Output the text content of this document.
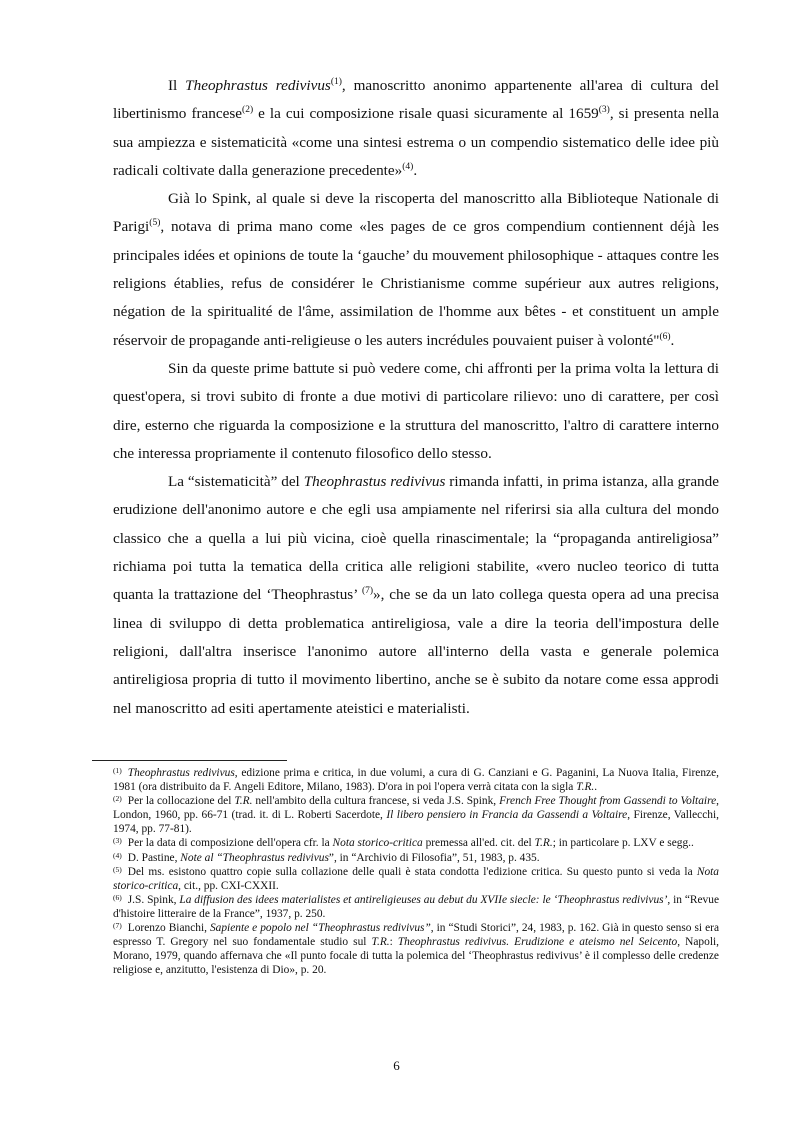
Il Theophrastus redivivus$^{(1)}$, manoscritto anonimo appartenente all'area di cultura del libertinismo francese$^{(2)}$ e la cui composizione risale quasi sicuramente al 1659$^{(3)}$, si presenta nella sua ampiezza e sistematicità «come una sintesi estrema o un compendio sistematico delle idee più radicali coltivate dalla generazione precedente»$^{(4)}$.

Già lo Spink, al quale si deve la riscoperta del manoscritto alla Biblioteque Nationale di Parigi$^{(5)}$, notava di prima mano come «les pages de ce gros compendium contiennent déjà les principales idées et opinions de toute la ‘gauche’ du mouvement philosophique - attaques contre les religions établies, refus de considérer le Christianisme comme supérieur aux autres religions, négation de la spiritualité de l'âme, assimilation de l'homme aux bêtes - et constituent un ample réservoir de propagande anti-religieuse o les auters incrédules pouvaient puiser à volonté"$^{(6)}$.

Sin da queste prime battute si può vedere come, chi affronti per la prima volta la lettura di quest'opera, si trovi subito di fronte a due motivi di particolare rilievo: uno di carattere, per così dire, esterno che riguarda la composizione e la struttura del manoscritto, l'altro di carattere interno che interessa propriamente il contenuto filosofico dello stesso.

La “sistematicità” del Theophrastus redivivus rimanda infatti, in prima istanza, alla grande erudizione dell'anonimo autore e che egli usa ampiamente nel riferirsi sia alla cultura del mondo classico che a quella a lui più vicina, cioè quella rinascimentale; la “propaganda antireligiosa” richiama poi tutta la tematica della critica alle religioni stabilite, «vero nucleo teorico di tutta quanta la trattazione del ‘Theophrastus’ $^{(7)}$», che se da un lato collega questa opera ad una precisa linea di sviluppo di detta problematica antireligiosa, vale a dire la teoria dell'impostura delle religioni, dall'altra inserisce l'anonimo autore all'interno della vasta e generale polemica antireligiosa propria di tutto il movimento libertino, anche se è subito da notare come essa approdi nel manoscritto ad esiti apertamente ateistici e materialisti.

$^{(1)}$ Theophrastus redivivus, edizione prima e critica, in due volumi, a cura di G. Canziani e G. Paganini, La Nuova Italia, Firenze, 1981 (ora distribuito da F. Angeli Editore, Milano, 1983). D'ora in poi l'opera verrà citata con la sigla T.R..

$^{(2)}$ Per la collocazione del T.R. nell'ambito della cultura francese, si veda J.S. Spink, French Free Thought from Gassendi to Voltaire, London, 1960, pp. 66-71 (trad. it. di L. Roberti Sacerdote, Il libero pensiero in Francia da Gassendi a Voltaire, Firenze, Vallecchi, 1974, pp. 77-81).

$^{(3)}$ Per la data di composizione dell'opera cfr. la Nota storico-critica premessa all'ed. cit. del T.R.; in particolare p. LXV e segg..

$^{(4)}$ D. Pastine, Note al “Theophrastus redivivus”, in “Archivio di Filosofia”, 51, 1983, p. 435.

$^{(5)}$ Del ms. esistono quattro copie sulla collazione delle quali è stata condotta l'edizione critica. Su questo punto si veda la Nota storico-critica, cit., pp. CXI-CXXII.

$^{(6)}$ J.S. Spink, La diffusion des idees materialistes et antireligieuses au debut du XVIIe siecle: le ‘Theophrastus redivivus’, in “Revue d'histoire litteraire de la France”, 1937, p. 250.

$^{(7)}$ Lorenzo Bianchi, Sapiente e popolo nel “Theophrastus redivivus”, in “Studi Storici”, 24, 1983, p. 162. Già in questo senso si era espresso T. Gregory nel suo fondamentale studio sul T.R.: Theophrastus redivivus. Erudizione e ateismo nel Seicento, Napoli, Morano, 1979, quando affernava che «Il punto focale di tutta la polemica del ‘Theophrastus redivivus’ è il complesso delle credenze religiose e, anzitutto, l'esistenza di Dio», p. 20.

6
